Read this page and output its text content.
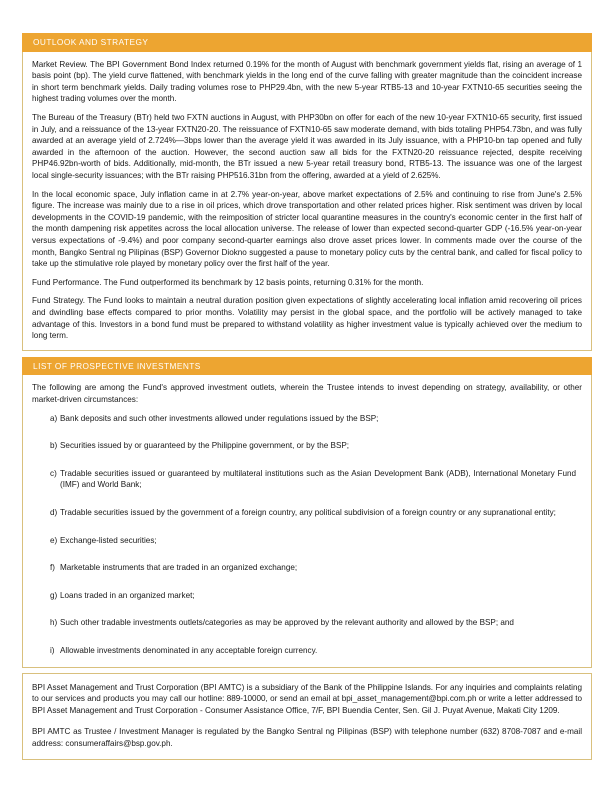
OUTLOOK AND STRATEGY

Market Review. The BPI Government Bond Index returned 0.19% for the month of August with benchmark government yields flat, rising an average of 1 basis point (bp). The yield curve flattened, with benchmark yields in the long end of the curve falling with greater magnitude than the coincident increase in short term benchmark yields. Daily trading volumes rose to PHP29.4bn, with the new 5-year RTB5-13 and 10-year FXTN10-65 securities seeing the highest trading volumes over the month.

The Bureau of the Treasury (BTr) held two FXTN auctions in August, with PHP30bn on offer for each of the new 10-year FXTN10-65 security, first issued in July, and a reissuance of the 13-year FXTN20-20. The reissuance of FXTN10-65 saw moderate demand, with bids totaling PHP54.73bn, and was fully awarded at an average yield of 2.724%—3bps lower than the average yield it was awarded in its July issuance, with a PHP10-bn tap opened and fully awarded in the afternoon of the auction. However, the second auction saw all bids for the FXTN20-20 reissuance rejected, despite receiving PHP46.92bn-worth of bids. Additionally, mid-month, the BTr issued a new 5-year retail treasury bond, RTB5-13. The issuance was one of the largest local single-security issuances; with the BTr raising PHP516.31bn from the offering, awarded at a yield of 2.625%.

In the local economic space, July inflation came in at 2.7% year-on-year, above market expectations of 2.5% and continuing to rise from June's 2.5% figure. The increase was mainly due to a rise in oil prices, which drove transportation and other related prices higher. Risk sentiment was driven by local developments in the COVID-19 pandemic, with the reimposition of stricter local quarantine measures in the country's economic center in the first half of the month dampening risk appetites across the local allocation universe. The release of lower than expected second-quarter GDP (-16.5% year-on-year versus expectations of -9.4%) and poor company second-quarter earnings also drove asset prices lower. In comments made over the course of the month, Bangko Sentral ng Pilipinas (BSP) Governor Diokno suggested a pause to monetary policy cuts by the central bank, and called for fiscal policy to take up the stimulative role played by monetary policy over the first half of the year.

Fund Performance. The Fund outperformed its benchmark by 12 basis points, returning 0.31% for the month.

Fund Strategy. The Fund looks to maintain a neutral duration position given expectations of slightly accelerating local inflation amid recovering oil prices and dwindling base effects compared to prior months. Volatility may persist in the global space, and the portfolio will be actively managed to take advantage of this. Investors in a bond fund must be prepared to withstand volatility as higher investment value is typically achieved over the medium to long term.

LIST OF PROSPECTIVE INVESTMENTS

The following are among the Fund's approved investment outlets, wherein the Trustee intends to invest depending on strategy, availability, or other market-driven circumstances:

a) Bank deposits and such other investments allowed under regulations issued by the BSP;
b) Securities issued by or guaranteed by the Philippine government, or by the BSP;
c) Tradable securities issued or guaranteed by multilateral institutions such as the Asian Development Bank (ADB), International Monetary Fund (IMF) and World Bank;
d) Tradable securities issued by the government of a foreign country, any political subdivision of a foreign country or any supranational entity;
e) Exchange-listed securities;
f) Marketable instruments that are traded in an organized exchange;
g) Loans traded in an organized market;
h) Such other tradable investments outlets/categories as may be approved by the relevant authority and allowed by the BSP; and
i) Allowable investments denominated in any acceptable foreign currency.

BPI Asset Management and Trust Corporation (BPI AMTC) is a subsidiary of the Bank of the Philippine Islands. For any inquiries and complaints relating to our services and products you may call our hotline: 889-10000, or send an email at bpi_asset_management@bpi.com.ph or write a letter addressed to BPI Asset Management and Trust Corporation - Consumer Assistance Office, 7/F, BPI Buendia Center, Sen. Gil J. Puyat Avenue, Makati City 1209.

BPI AMTC as Trustee / Investment Manager is regulated by the Bangko Sentral ng Pilipinas (BSP) with telephone number (632) 8708-7087 and e-mail address: consumeraffairs@bsp.gov.ph.
